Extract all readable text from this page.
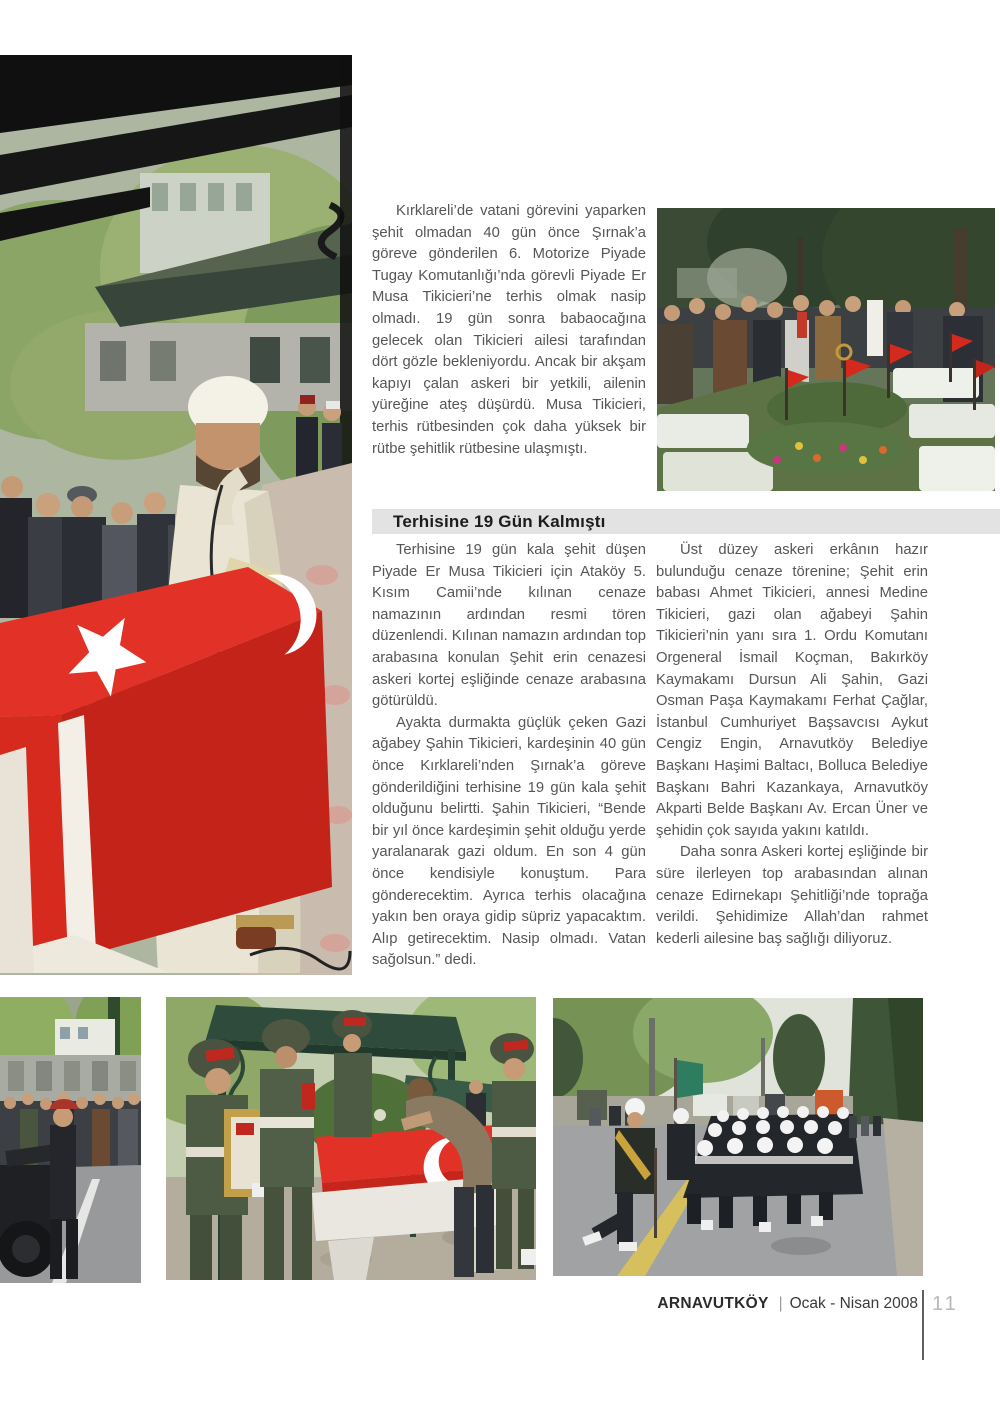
Kırklareli’de vatani görevini yaparken şehit olmadan 40 gün önce Şırnak’a göreve gönderilen 6. Motorize Piyade Tugay Komutanlığı’nda görevli Piyade Er Musa Tikicieri’ne terhis olmak nasip olmadı. 19 gün sonra babaocağına gelecek olan Tikicieri ailesi tarafından dört gözle bekleniyordu. Ancak bir akşam kapıyı çalan askeri bir yetkili, ailenin yüreğine ateş düşürdü. Musa Tikicieri, terhis rütbesinden çok daha yüksek bir rütbe şehitlik rütbesine ulaşmıştı.

Terhisine 19 Gün Kalmıştı

Terhisine 19 gün kala şehit düşen Piyade Er Musa Tikicieri için Ataköy 5. Kısım Camii’nde kılınan cenaze namazının ardından resmi tören düzenlendi. Kılınan namazın ardından top arabasına konulan Şehit erin cenazesi askeri kortej eşliğinde cenaze arabasına götürüldü.

Ayakta durmakta güçlük çeken Gazi ağabey Şahin Tikicieri, kardeşinin 40 gün önce Kırklareli’nden Şırnak’a göreve gönderildiğini terhisine 19 gün kala şehit olduğunu belirtti. Şahin Tikicieri, “Bende bir yıl önce kardeşimin şehit olduğu yerde yaralanarak gazi oldum. En son 4 gün önce kendisiyle konuştum. Para gönderecektim. Ayrıca terhis olacağına yakın ben oraya gidip süpriz yapacaktım. Alıp getirecektim. Nasip olmadı. Vatan sağolsun.” dedi.

Üst düzey askeri erkânın hazır bulunduğu cenaze törenine; Şehit erin babası Ahmet Tikicieri, annesi Medine Tikicieri, gazi olan ağabeyi Şahin Tikicieri’nin yanı sıra 1. Ordu Komutanı Orgeneral İsmail Koçman, Bakırköy Kaymakamı Dursun Ali Şahin, Gazi Osman Paşa Kaymakamı Ferhat Çağlar, İstanbul Cumhuriyet Başsavcısı Aykut Cengiz Engin, Arnavutköy Belediye Başkanı Haşimi Baltacı, Bolluca Belediye Başkanı Bahri Kazankaya, Arnavutköy Akparti Belde Başkanı Av. Ercan Üner ve şehidin çok sayıda yakını katıldı.

Daha sonra Askeri kortej eşliğinde bir süre ilerleyen top arabasından alınan cenaze Edirnekapı Şehitliği’nde toprağa verildi. Şehidimize Allah’dan rahmet kederli ailesine baş sağlığı diliyoruz.

ARNAVUTKÖY | Ocak - Nisan 2008 11
